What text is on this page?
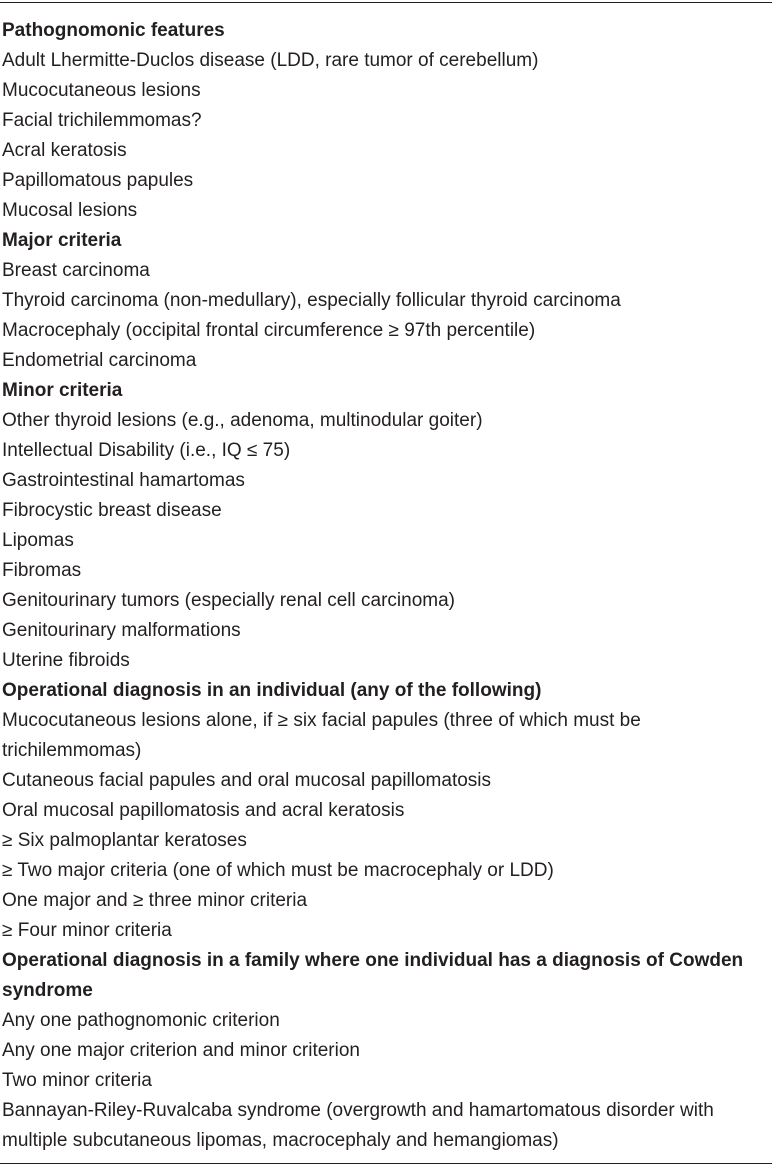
Pathognomonic features
Adult Lhermitte-Duclos disease (LDD, rare tumor of cerebellum)
Mucocutaneous lesions
Facial trichilemmomas?
Acral keratosis
Papillomatous papules
Mucosal lesions
Major criteria
Breast carcinoma
Thyroid carcinoma (non-medullary), especially follicular thyroid carcinoma
Macrocephaly (occipital frontal circumference ≥ 97th percentile)
Endometrial carcinoma
Minor criteria
Other thyroid lesions (e.g., adenoma, multinodular goiter)
Intellectual Disability (i.e., IQ ≤ 75)
Gastrointestinal hamartomas
Fibrocystic breast disease
Lipomas
Fibromas
Genitourinary tumors (especially renal cell carcinoma)
Genitourinary malformations
Uterine fibroids
Operational diagnosis in an individual (any of the following)
Mucocutaneous lesions alone, if ≥ six facial papules (three of which must be trichilemmomas)
Cutaneous facial papules and oral mucosal papillomatosis
Oral mucosal papillomatosis and acral keratosis
≥ Six palmoplantar keratoses
≥ Two major criteria (one of which must be macrocephaly or LDD)
One major and ≥ three minor criteria
≥ Four minor criteria
Operational diagnosis in a family where one individual has a diagnosis of Cowden syndrome
Any one pathognomonic criterion
Any one major criterion and minor criterion
Two minor criteria
Bannayan-Riley-Ruvalcaba syndrome (overgrowth and hamartomatous disorder with multiple subcutaneous lipomas, macrocephaly and hemangiomas)
